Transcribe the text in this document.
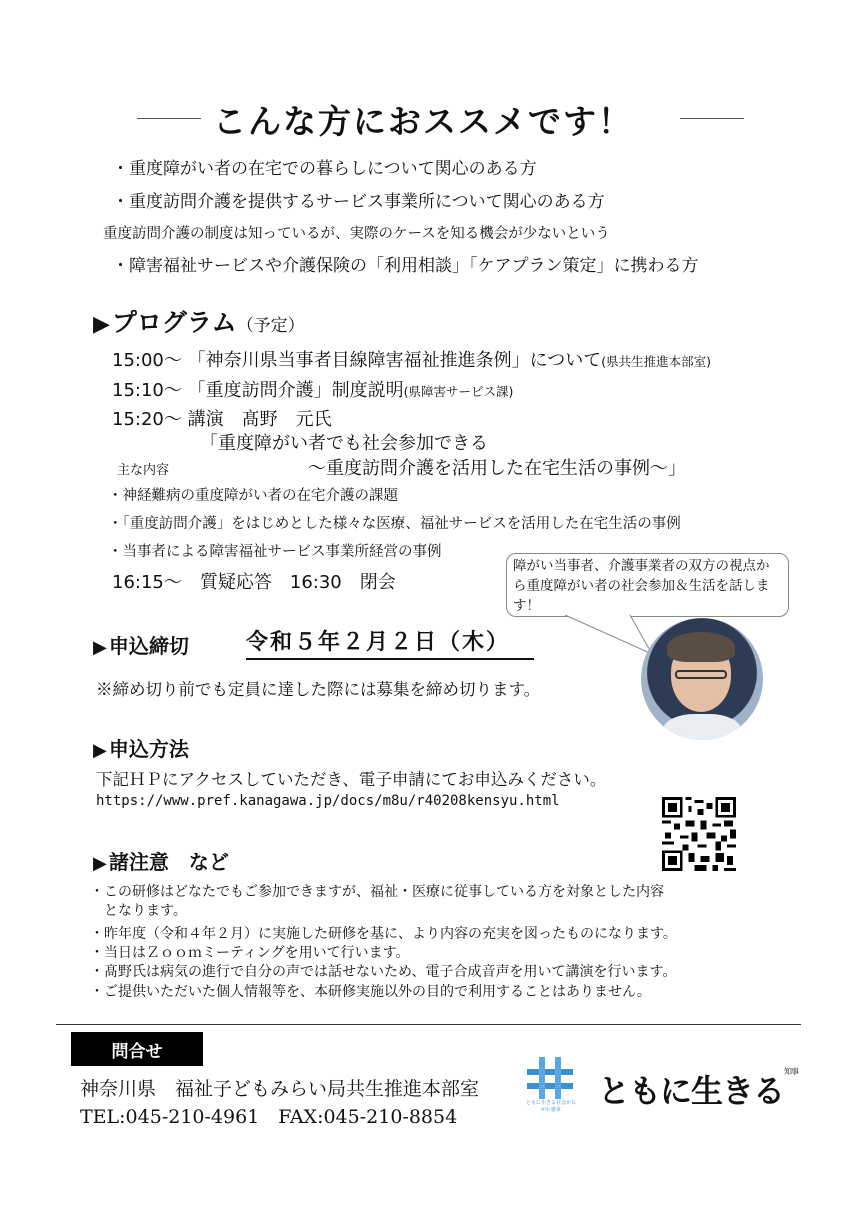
こんな方におススメです！
・重度障がい者の在宅での暮らしについて関心のある方
・重度訪問介護を提供するサービス事業所について関心のある方
重度訪問介護の制度は知っているが、実際のケースを知る機会が少ないという
・障害福祉サービスや介護保険の「利用相談」「ケアプラン策定」に携わる方
▶プログラム（予定）
15:00～ 「神奈川県当事者目線障害福祉推進条例」について(県共生推進本部室)
15:10～ 「重度訪問介護」制度説明(県障害サービス課)
15:20～ 講演　髙野　元氏
「重度障がい者でも社会参加できる
主な内容	～重度訪問介護を活用した在宅生活の事例～」
・神経難病の重度障がい者の在宅介護の課題
・「重度訪問介護」をはじめとした様々な医療、福祉サービスを活用した在宅生活の事例
・当事者による障害福祉サービス事業所経営の事例
16:15～　質疑応答　16:30　閉会
障がい当事者、介護事業者の双方の視点から重度障がい者の社会参加＆生活を話します！
▶ 申込締切	令和５年２月２日（木）
※締め切り前でも定員に達した際には募集を締め切ります。
▶ 申込方法
下記ＨＰにアクセスしていただき、電子申請にてお申込みください。
https://www.pref.kanagawa.jp/docs/m8u/r40208kensyu.html
▶ 諸注意　など
・この研修はどなたでもご参加できますが、福祉・医療に従事している方を対象とした内容
　となります。
・昨年度（令和４年２月）に実施した研修を基に、より内容の充実を図ったものになります。
・当日はＺｏｏｍミーティングを用いて行います。
・髙野氏は病気の進行で自分の声では話せないため、電子合成音声を用いて講演を行います。
・ご提供いただいた個人情報等を、本研修実施以外の目的で利用することはありません。
問合せ
神奈川県　福祉子どもみらい局共生推進本部室
TEL:045-210-4961　FAX:045-210-8854
ともに生きる社会かながわ憲章	ともに生きる$^{知事}$
